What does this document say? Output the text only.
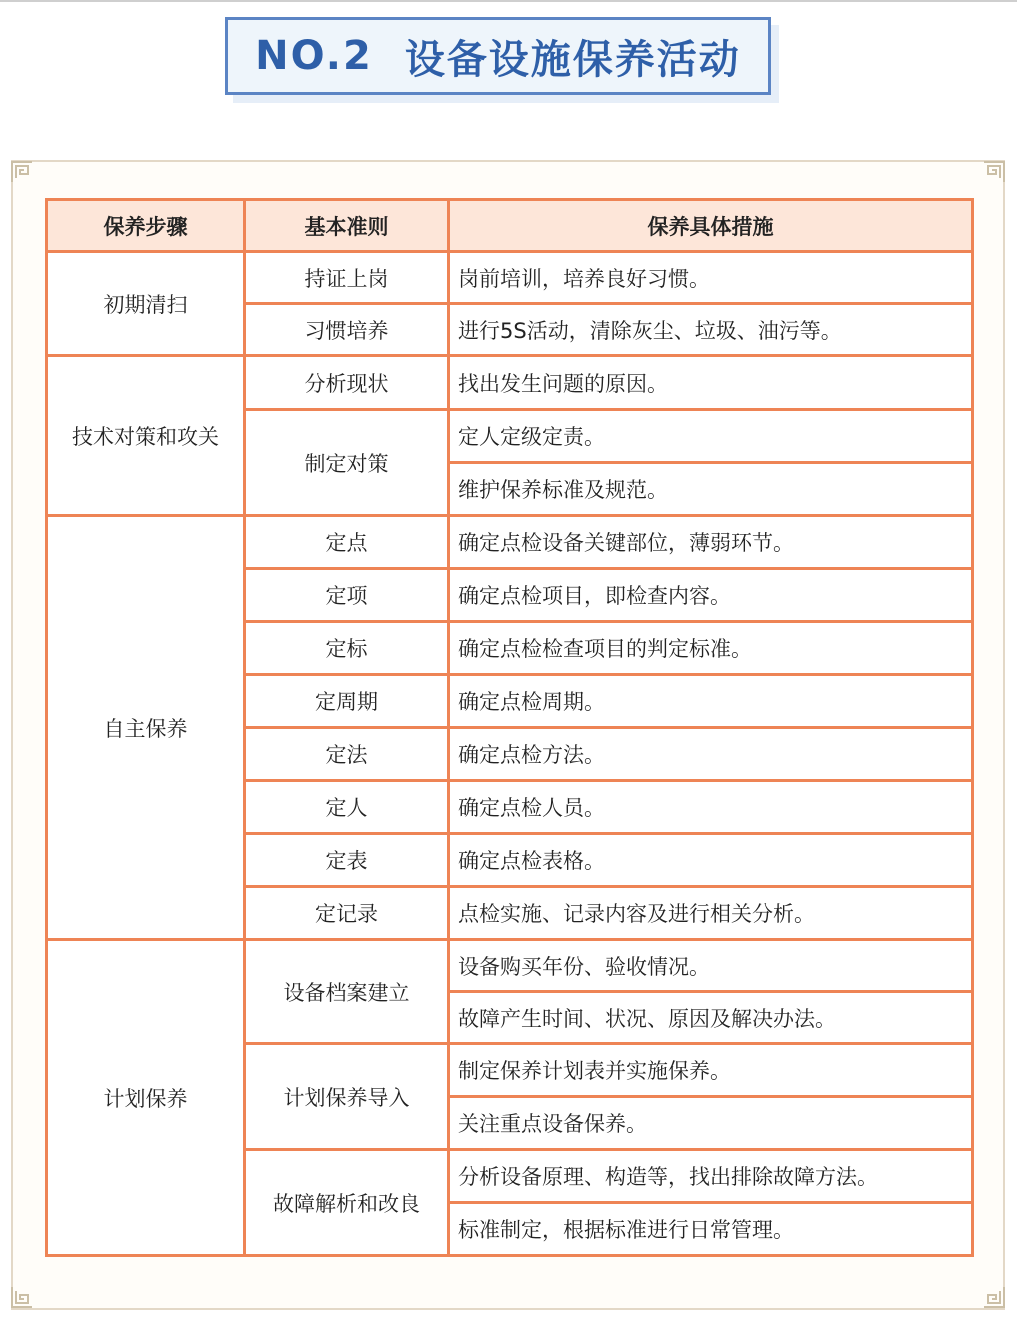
NO.2 设备设施保养活动
保养步骤	基本准则	保养具体措施
初期清扫	持证上岗	岗前培训，培养良好习惯。
	习惯培养	进行5S活动，清除灰尘、垃圾、油污等。
技术对策和攻关	分析现状	找出发生问题的原因。
	制定对策	定人定级定责。
		维护保养标准及规范。
自主保养	定点	确定点检设备关键部位，薄弱环节。
	定项	确定点检项目，即检查内容。
	定标	确定点检检查项目的判定标准。
	定周期	确定点检周期。
	定法	确定点检方法。
	定人	确定点检人员。
	定表	确定点检表格。
	定记录	点检实施、记录内容及进行相关分析。
计划保养	设备档案建立	设备购买年份、验收情况。
		故障产生时间、状况、原因及解决办法。
	计划保养导入	制定保养计划表并实施保养。
		关注重点设备保养。
	故障解析和改良	分析设备原理、构造等，找出排除故障方法。
		标准制定，根据标准进行日常管理。
